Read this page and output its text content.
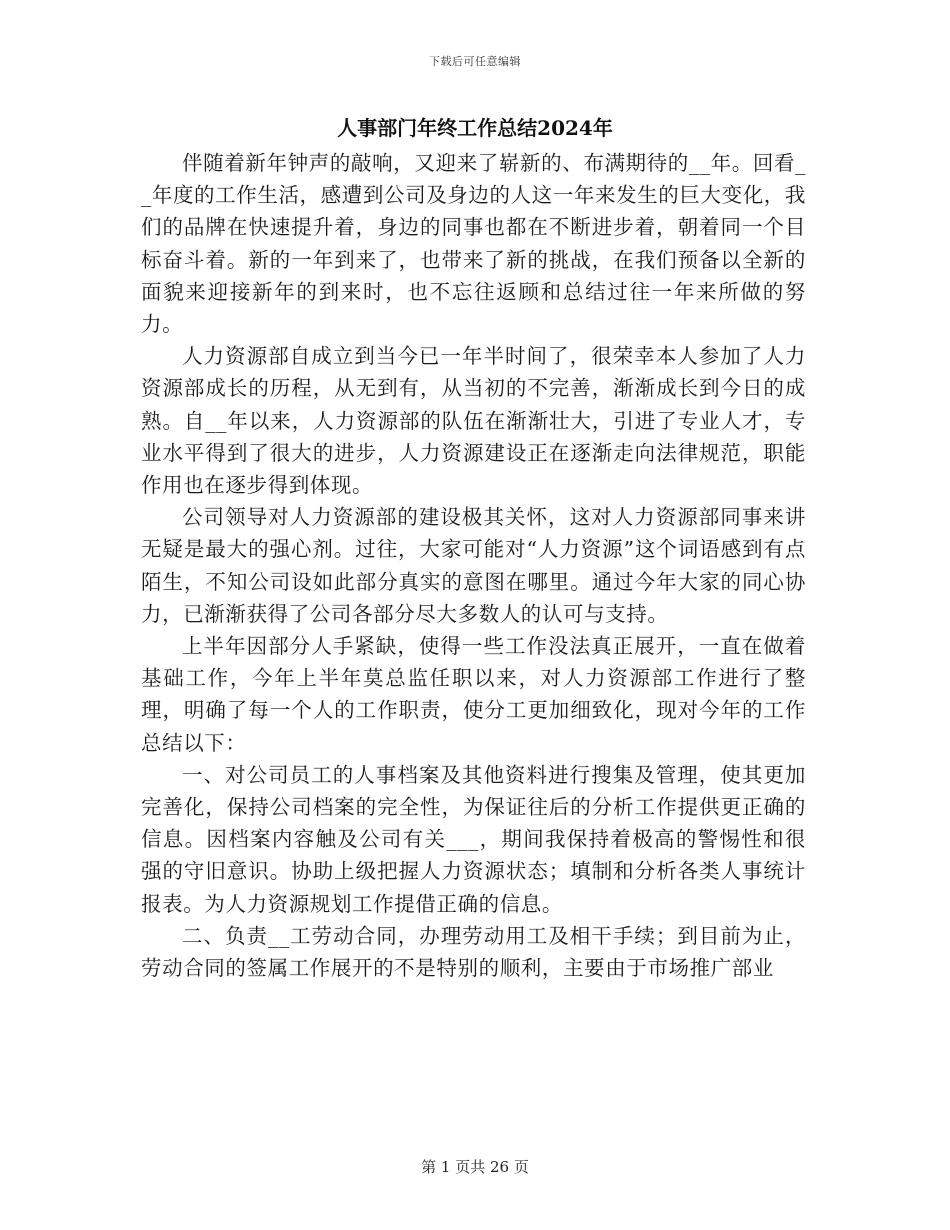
下载后可任意编辑
人事部门年终工作总结2024年

伴随着新年钟声的敲响，又迎来了崭新的、布满期待的__年。回看__年度的工作生活，感遭到公司及身边的人这一年来发生的巨大变化，我们的品牌在快速提升着，身边的同事也都在不断进步着，朝着同一个目标奋斗着。新的一年到来了，也带来了新的挑战，在我们预备以全新的面貌来迎接新年的到来时，也不忘往返顾和总结过往一年来所做的努力。

人力资源部自成立到当今已一年半时间了，很荣幸本人参加了人力资源部成长的历程，从无到有，从当初的不完善，渐渐成长到今日的成熟。自__年以来，人力资源部的队伍在渐渐壮大，引进了专业人才，专业水平得到了很大的进步，人力资源建设正在逐渐走向法律规范，职能作用也在逐步得到体现。

公司领导对人力资源部的建设极其关怀，这对人力资源部同事来讲无疑是最大的强心剂。过往，大家可能对“人力资源”这个词语感到有点陌生，不知公司设如此部分真实的意图在哪里。通过今年大家的同心协力，已渐渐获得了公司各部分尽大多数人的认可与支持。

上半年因部分人手紧缺，使得一些工作没法真正展开，一直在做着基础工作，今年上半年莫总监任职以来，对人力资源部工作进行了整理，明确了每一个人的工作职责，使分工更加细致化，现对今年的工作总结以下：

一、对公司员工的人事档案及其他资料进行搜集及管理，使其更加完善化，保持公司档案的完全性，为保证往后的分析工作提供更正确的信息。因档案内容触及公司有关___，期间我保持着极高的警惕性和很强的守旧意识。协助上级把握人力资源状态；填制和分析各类人事统计报表。为人力资源规划工作提借正确的信息。

二、负责__工劳动合同，办理劳动用工及相干手续；到目前为止，劳动合同的签属工作展开的不是特别的顺利，主要由于市场推广部业

第 1 页共 26 页
